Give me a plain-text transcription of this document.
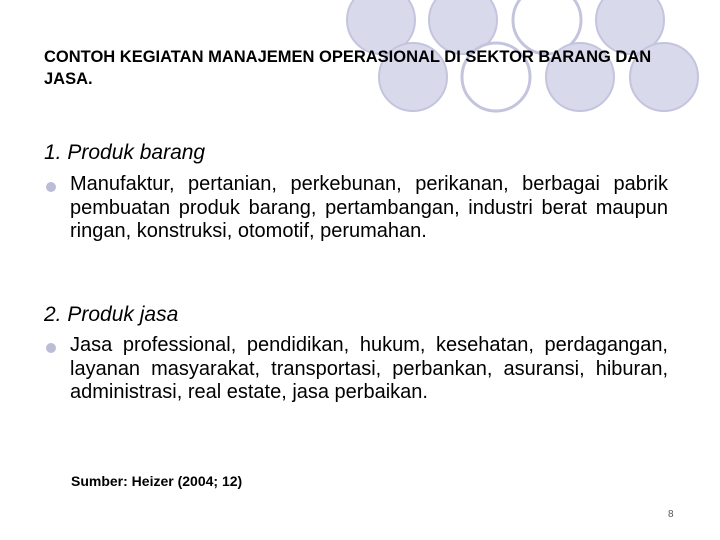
CONTOH KEGIATAN MANAJEMEN OPERASIONAL DI SEKTOR BARANG DAN JASA.
1. Produk barang
Manufaktur, pertanian, perkebunan, perikanan, berbagai pabrik pembuatan produk barang, pertambangan, industri berat maupun ringan, konstruksi, otomotif, perumahan.
2. Produk jasa
Jasa professional, pendidikan, hukum, kesehatan, perdagangan, layanan masyarakat, transportasi, perbankan, asuransi, hiburan, administrasi, real estate, jasa perbaikan.
Sumber: Heizer (2004; 12)
8
